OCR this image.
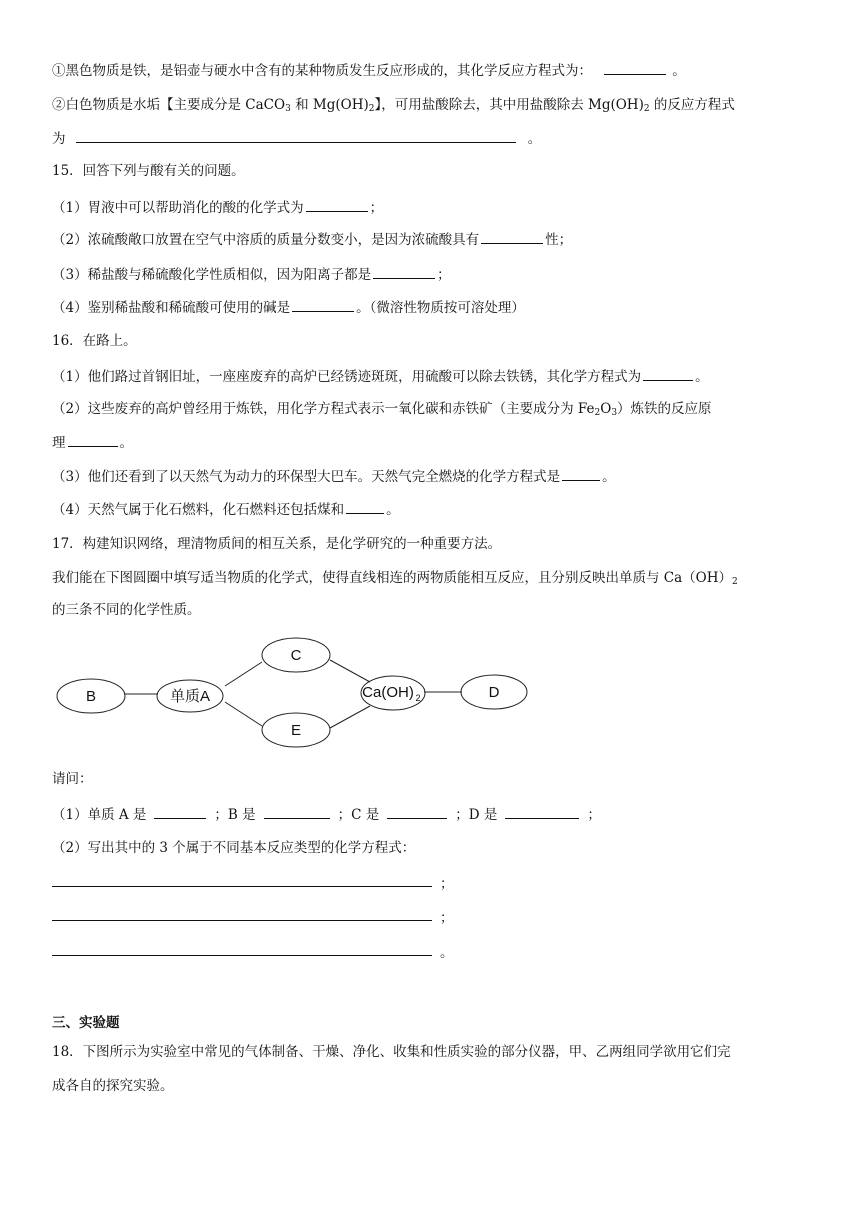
①黑色物质是铁，是铝壶与硬水中含有的某种物质发生反应形成的，其化学反应方程式为：	。
②白色物质是水垢【主要成分是 CaCO$_3$ 和 $Mg(OH)_2$】，可用盐酸除去，其中用盐酸除去 $Mg(OH)_2$ 的反应方程式
为	。
15．回答下列与酸有关的问题。
（1）胃液中可以帮助消化的酸的化学式为	；
（2）浓硫酸敞口放置在空气中溶质的质量分数变小，是因为浓硫酸具有	性；
（3）稀盐酸与稀硫酸化学性质相似，因为阳离子都是	；
（4）鉴别稀盐酸和稀硫酸可使用的碱是	。（微溶性物质按可溶处理）
16．在路上。
（1）他们路过首钢旧址，一座座废弃的高炉已经锈迹斑斑，用硫酸可以除去铁锈，其化学方程式为	。
（2）这些废弃的高炉曾经用于炼铁，用化学方程式表示一氧化碳和赤铁矿（主要成分为 $Fe_2O_3$）炼铁的反应原
理	。
（3）他们还看到了以天然气为动力的环保型大巴车。天然气完全燃烧的化学方程式是	。
（4）天然气属于化石燃料，化石燃料还包括煤和	。
17．构建知识网络，理清物质间的相互关系，是化学研究的一种重要方法。
我们能在下图圆圈中填写适当物质的化学式，使得直线相连的两物质能相互反应，且分别反映出单质与 $Ca(OH)_2$
的三条不同的化学性质。
B	单质A
C
E
Ca(OH) 2	D
请问：
（1）单质 A 是	；B 是	；C 是	；D 是	；
（2）写出其中的 3 个属于不同基本反应类型的化学方程式：
；
；
。
三、实验题
18．下图所示为实验室中常见的气体制备、干燥、净化、收集和性质实验的部分仪器，甲、乙两组同学欲用它们完
成各自的探究实验。
